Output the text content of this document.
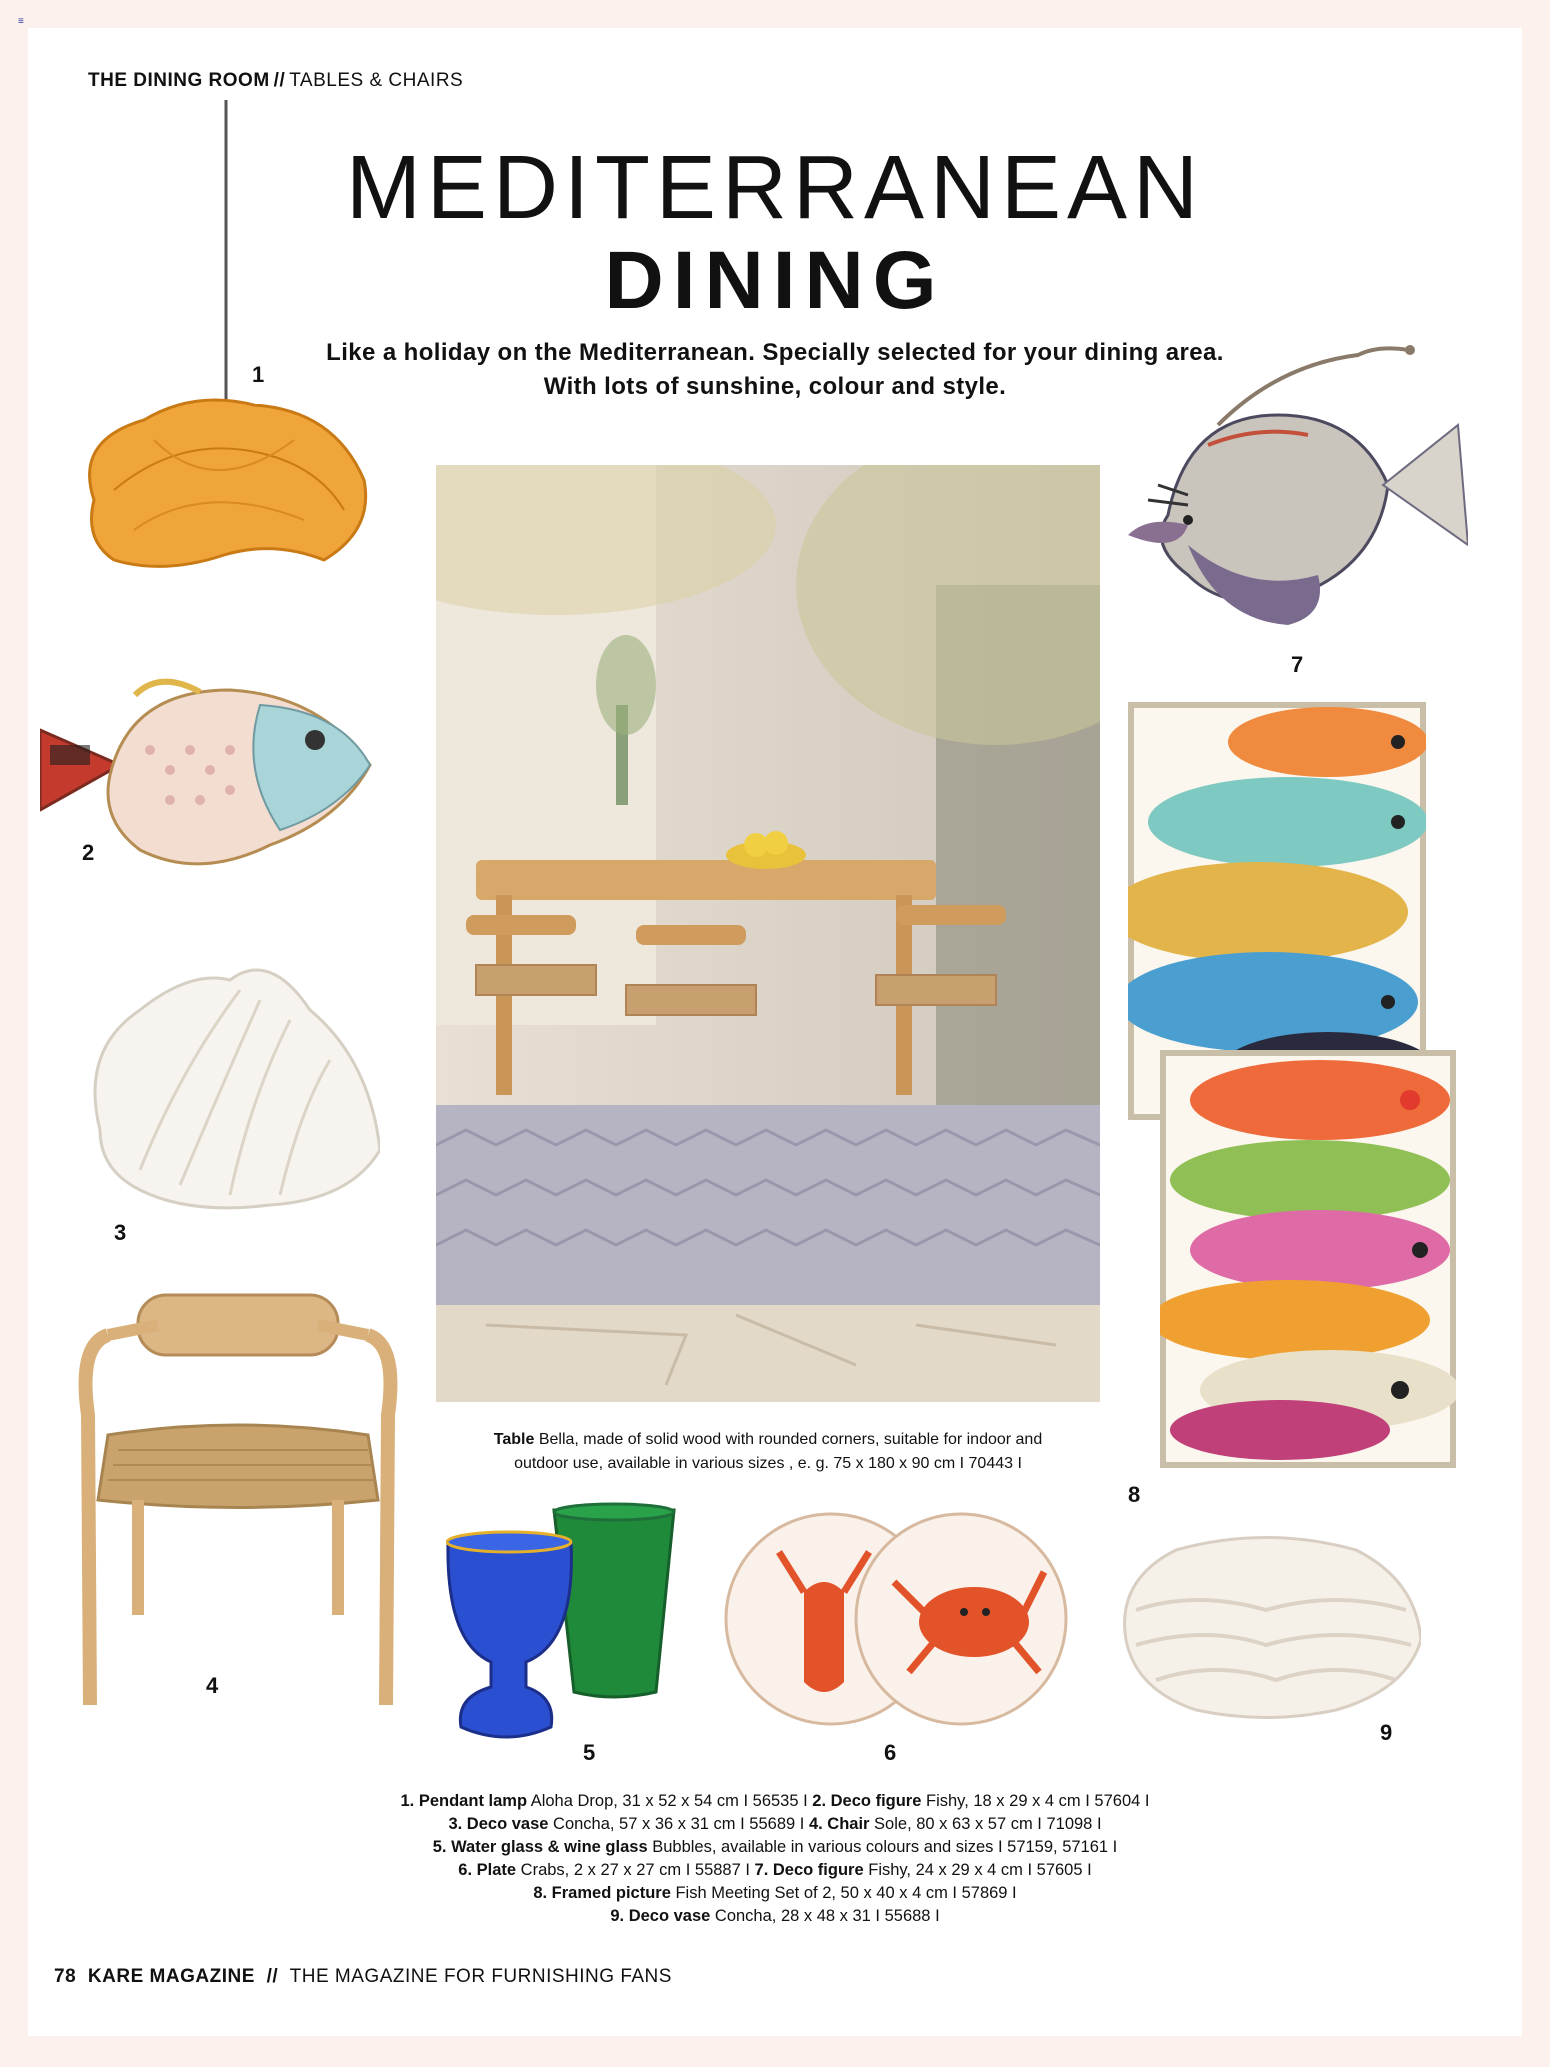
≡
THE DINING ROOM // TABLES & CHAIRS
MEDITERRANEAN
DINING
Like a holiday on the Mediterranean. Specially selected for your dining area.
With lots of sunshine, colour and style.
1
2
3
4
Table Bella, made of solid wood with rounded corners, suitable for indoor and
outdoor use, available in various sizes , e. g. 75 x 180 x 90 cm I 70443 I
7
8
5	6
9
1. Pendant lamp Aloha Drop, 31 x 52 x 54 cm I 56535 I 2. Deco figure Fishy, 18 x 29 x 4 cm I 57604 I
3. Deco vase Concha, 57 x 36 x 31 cm I 55689 I 4. Chair Sole, 80 x 63 x 57 cm I 71098 I
5. Water glass & wine glass Bubbles, available in various colours and sizes I 57159, 57161 I
6. Plate Crabs, 2 x 27 x 27 cm I 55887 I 7. Deco figure Fishy, 24 x 29 x 4 cm I 57605 I
8. Framed picture Fish Meeting Set of 2, 50 x 40 x 4 cm I 57869 I
9. Deco vase Concha, 28 x 48 x 31 I 55688 I
78 KARE MAGAZINE // THE MAGAZINE FOR FURNISHING FANS
